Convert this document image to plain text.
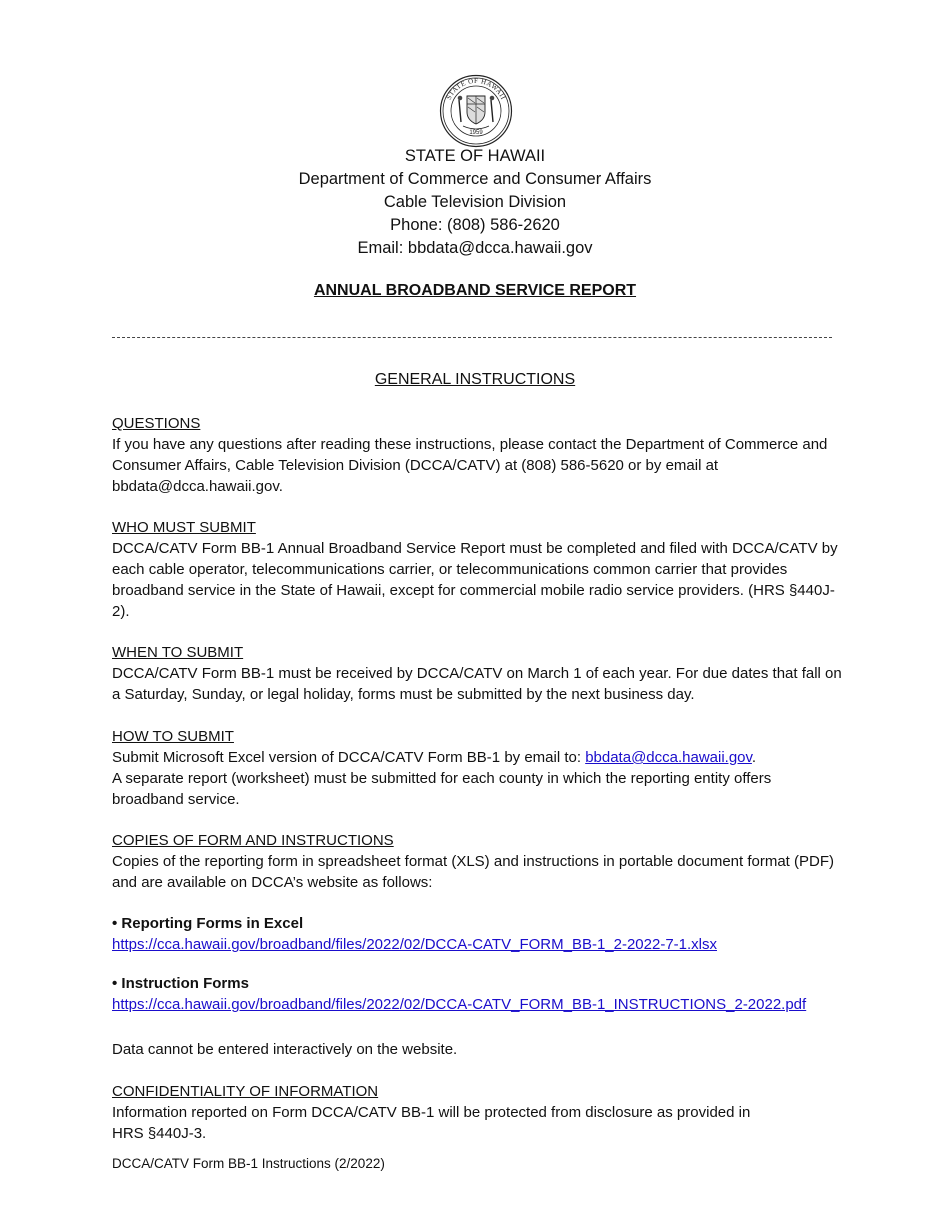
STATE OF HAWAII
1959
STATE OF HAWAII
Department of Commerce and Consumer Affairs
Cable Television Division
Phone: (808) 586-2620
Email: bbdata@dcca.hawaii.gov
ANNUAL BROADBAND SERVICE REPORT
GENERAL INSTRUCTIONS

QUESTIONS

If you have any questions after reading these instructions, please contact the Department of Commerce and Consumer Affairs, Cable Television Division (DCCA/CATV) at (808) 586-5620 or by email at bbdata@dcca.hawaii.gov.

WHO MUST SUBMIT

DCCA/CATV Form BB-1 Annual Broadband Service Report must be completed and filed with DCCA/CATV by each cable operator, telecommunications carrier, or telecommunications common carrier that provides broadband service in the State of Hawaii, except for commercial mobile radio service providers. (HRS §440J-2).

WHEN TO SUBMIT

DCCA/CATV Form BB-1 must be received by DCCA/CATV on March 1 of each year. For due dates that fall on a Saturday, Sunday, or legal holiday, forms must be submitted by the next business day.

HOW TO SUBMIT

Submit Microsoft Excel version of DCCA/CATV Form BB-1 by email to: bbdata@dcca.hawaii.gov.

A separate report (worksheet) must be submitted for each county in which the reporting entity offers broadband service.

COPIES OF FORM AND INSTRUCTIONS

Copies of the reporting form in spreadsheet format (XLS) and instructions in portable document format (PDF) and are available on DCCA’s website as follows:

• Reporting Forms in Excel

https://cca.hawaii.gov/broadband/files/2022/02/DCCA-CATV_FORM_BB-1_2-2022-7-1.xlsx

• Instruction Forms

https://cca.hawaii.gov/broadband/files/2022/02/DCCA-CATV_FORM_BB-1_INSTRUCTIONS_2-2022.pdf

Data cannot be entered interactively on the website.

CONFIDENTIALITY OF INFORMATION

Information reported on Form DCCA/CATV BB-1 will be protected from disclosure as provided in

HRS §440J-3.

DCCA/CATV Form BB-1 Instructions (2/2022)
